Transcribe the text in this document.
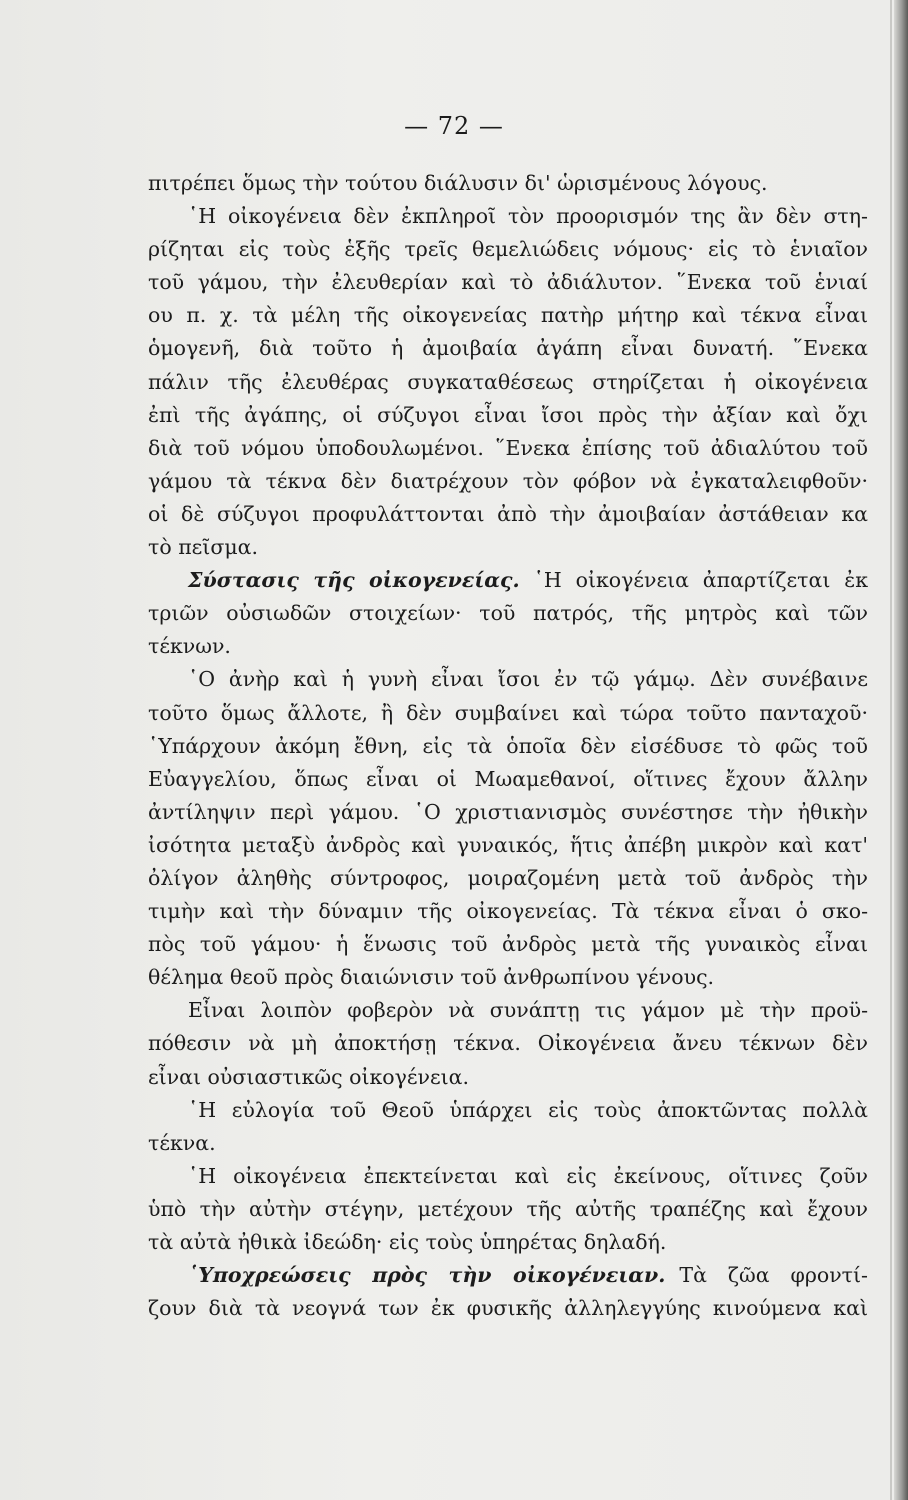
— 72 —
πιτρέπει ὅμως τὴν τούτου διάλυσιν δι' ὡρισμένους λόγους.
῾Η οἰκογένεια δὲν ἐκπληροῖ τὸν προορισμόν της ἂν δὲν στη-
ρίζηται εἰς τοὺς ἑξῆς τρεῖς θεμελιώδεις νόμους· εἰς τὸ ἑνιαῖον
τοῦ γάμου, τὴν ἐλευθερίαν καὶ τὸ ἀδιάλυτον. ῞Ενεκα τοῦ ἑνιαί
ου π. χ. τὰ μέλη τῆς οἰκογενείας πατὴρ μήτηρ καὶ τέκνα εἶναι
ὁμογενῆ, διὰ τοῦτο ἡ ἀμοιβαία ἀγάπη εἶναι δυνατή. ῞Ενεκα
πάλιν τῆς ἐλευθέρας συγκαταθέσεως στηρίζεται ἡ οἰκογένεια
ἐπὶ τῆς ἀγάπης, οἱ σύζυγοι εἶναι ἴσοι πρὸς τὴν ἀξίαν καὶ ὄχι
διὰ τοῦ νόμου ὑποδουλωμένοι. ῞Ενεκα ἐπίσης τοῦ ἀδιαλύτου τοῦ
γάμου τὰ τέκνα δὲν διατρέχουν τὸν φόβον νὰ ἐγκαταλειφθοῦν·
οἱ δὲ σύζυγοι προφυλάττονται ἀπὸ τὴν ἀμοιβαίαν ἀστάθειαν κα
τὸ πεῖσμα.
Σύστασις τῆς οἰκογενείας. ῾Η οἰκογένεια ἀπαρτίζεται ἐκ
τριῶν οὐσιωδῶν στοιχείων· τοῦ πατρός, τῆς μητρὸς καὶ τῶν
τέκνων.
῾Ο ἀνὴρ καὶ ἡ γυνὴ εἶναι ἴσοι ἐν τῷ γάμῳ. Δὲν συνέβαινε
τοῦτο ὅμως ἄλλοτε, ἢ δὲν συμβαίνει καὶ τώρα τοῦτο πανταχοῦ·
῾Υπάρχουν ἀκόμη ἔθνη, εἰς τὰ ὁποῖα δὲν εἰσέδυσε τὸ φῶς τοῦ
Εὐαγγελίου, ὅπως εἶναι οἱ Μωαμεθανοί, οἵτινες ἔχουν ἄλλην
ἀντίληψιν περὶ γάμου. ῾Ο χριστιανισμὸς συνέστησε τὴν ἠθικὴν
ἰσότητα μεταξὺ ἀνδρὸς καὶ γυναικός, ἥτις ἀπέβη μικρὸν καὶ κατ'
ὀλίγον ἀληθὴς σύντροφος, μοιραζομένη μετὰ τοῦ ἀνδρὸς τὴν
τιμὴν καὶ τὴν δύναμιν τῆς οἰκογενείας. Τὰ τέκνα εἶναι ὁ σκο-
πὸς τοῦ γάμου· ἡ ἕνωσις τοῦ ἀνδρὸς μετὰ τῆς γυναικὸς εἶναι
θέλημα θεοῦ πρὸς διαιώνισιν τοῦ ἀνθρωπίνου γένους.
Εἶναι λοιπὸν φοβερὸν νὰ συνάπτῃ τις γάμον μὲ τὴν προϋ-
πόθεσιν νὰ μὴ ἀποκτήσῃ τέκνα. Οἰκογένεια ἄνευ τέκνων δὲν
εἶναι οὐσιαστικῶς οἰκογένεια.
῾Η εὐλογία τοῦ Θεοῦ ὑπάρχει εἰς τοὺς ἀποκτῶντας πολλὰ
τέκνα.
῾Η οἰκογένεια ἐπεκτείνεται καὶ εἰς ἐκείνους, οἵτινες ζοῦν
ὑπὸ τὴν αὐτὴν στέγην, μετέχουν τῆς αὐτῆς τραπέζης καὶ ἔχουν
τὰ αὐτὰ ἠθικὰ ἰδεώδη· εἰς τοὺς ὑπηρέτας δηλαδή.
῾Υποχρεώσεις πρὸς τὴν οἰκογένειαν. Τὰ ζῶα φροντί-
ζουν διὰ τὰ νεογνά των ἐκ φυσικῆς ἀλληλεγγύης κινούμενα καὶ
